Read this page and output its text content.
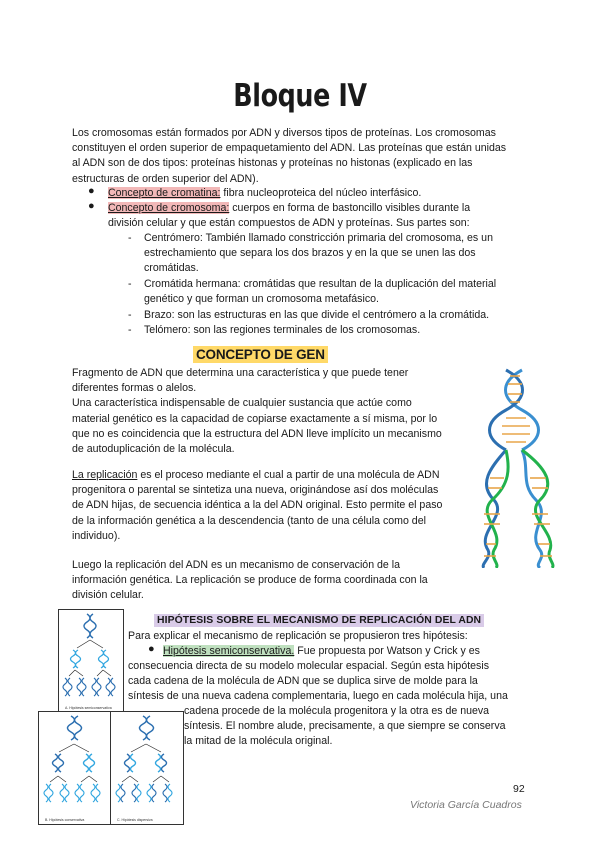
Bloque IV
Los cromosomas están formados por ADN y diversos tipos de proteínas. Los cromosomas
constituyen el orden superior de empaquetamiento del ADN. Las proteínas que están unidas
al ADN son de dos tipos: proteínas histonas y proteínas no histonas (explicado en las
estructuras de orden superior del ADN).
● Concepto de cromatina: fibra nucleoproteica del núcleo interfásico.
● Concepto de cromosoma: cuerpos en forma de bastoncillo visibles durante la
división celular y que están compuestos de ADN y proteínas. Sus partes son:
- Centrómero: También llamado constricción primaria del cromosoma, es un
estrechamiento que separa los dos brazos y en la que se unen las dos
cromátidas.
- Cromátida hermana: cromátidas que resultan de la duplicación del material
genético y que forman un cromosoma metafásico.
- Brazo: son las estructuras en las que divide el centrómero a la cromátida.
- Telómero: son las regiones terminales de los cromosomas.
CONCEPTO DE GEN
Fragmento de ADN que determina una característica y que puede tener
diferentes formas o alelos.
Una característica indispensable de cualquier sustancia que actúe como
material genético es la capacidad de copiarse exactamente a sí misma, por lo
que no es coincidencia que la estructura del ADN lleve implícito un mecanismo
de autoduplicación de la molécula.
La replicación es el proceso mediante el cual a partir de una molécula de ADN
progenitora o parental se sintetiza una nueva, originándose así dos moléculas
de ADN hijas, de secuencia idéntica a la del ADN original. Esto permite el paso
de la información genética a la descendencia (tanto de una célula como del
individuo).
Luego la replicación del ADN es un mecanismo de conservación de la
información genética. La replicación se produce de forma coordinada con la
división celular.
A. Hipótesis semiconservativa
B. Hipótesis conservativa	C. Hipótesis dispersiva
HIPÓTESIS SOBRE EL MECANISMO DE REPLICACIÓN DEL ADN
Para explicar el mecanismo de replicación se propusieron tres hipótesis:
● Hipótesis semiconservativa. Fue propuesta por Watson y Crick y es
consecuencia directa de su modelo molecular espacial. Según esta hipótesis
cada cadena de la molécula de ADN que se duplica sirve de molde para la
síntesis de una nueva cadena complementaria, luego en cada molécula hija, una
cadena procede de la molécula progenitora y la otra es de nueva
síntesis. El nombre alude, precisamente, a que siempre se conserva
la mitad de la molécula original.
92
Victoria García Cuadros
